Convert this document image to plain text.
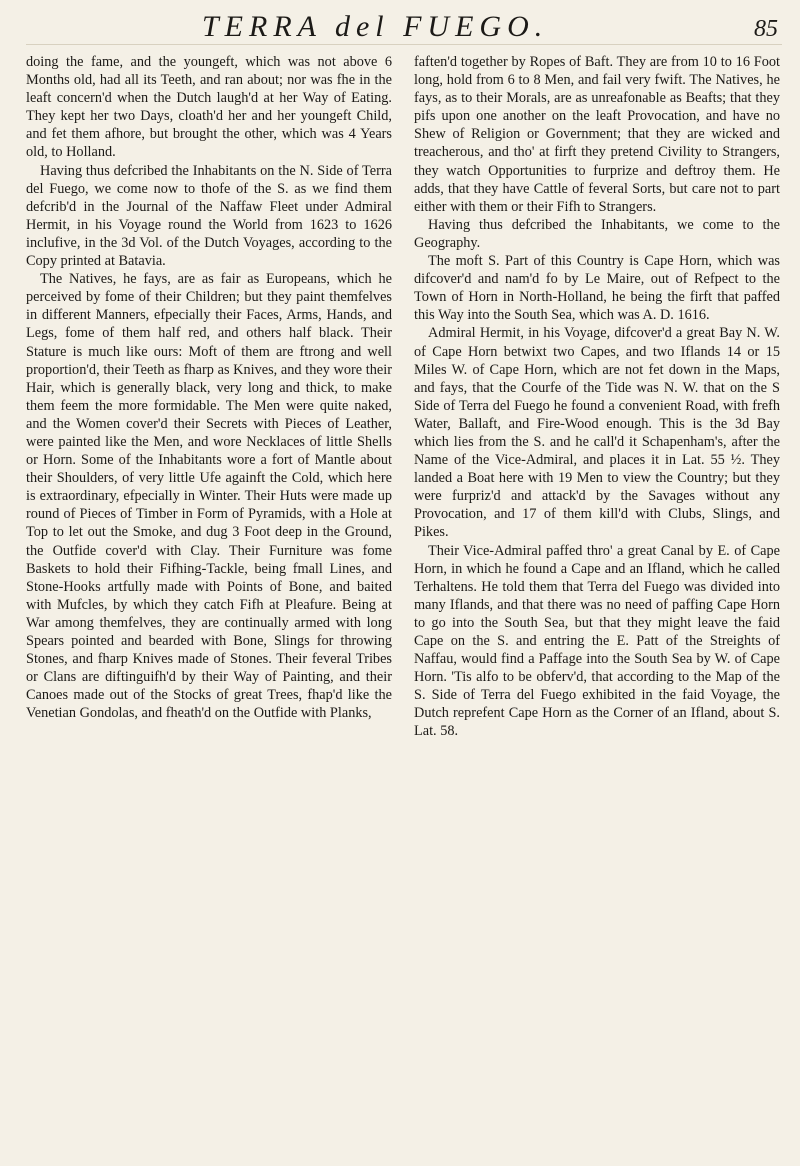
TERRA del FUEGO.	85

doing the fame, and the youngeft, which was not above 6 Months old, had all its Teeth, and ran about; nor was fhe in the leaft concern'd when the Dutch laugh'd at her Way of Eating. They kept her two Days, cloath'd her and her youngeft Child, and fet them afhore, but brought the other, which was 4 Years old, to Holland.

Having thus defcribed the Inhabitants on the N. Side of Terra del Fuego, we come now to thofe of the S. as we find them defcrib'd in the Journal of the Naffaw Fleet under Admiral Hermit, in his Voyage round the World from 1623 to 1626 inclufive, in the 3d Vol. of the Dutch Voyages, according to the Copy printed at Batavia.

The Natives, he fays, are as fair as Europeans, which he perceived by fome of their Children; but they paint themfelves in different Manners, efpecially their Faces, Arms, Hands, and Legs, fome of them half red, and others half black. Their Stature is much like ours: Moft of them are ftrong and well proportion'd, their Teeth as fharp as Knives, and they wore their Hair, which is generally black, very long and thick, to make them feem the more formidable. The Men were quite naked, and the Women cover'd their Secrets with Pieces of Leather, were painted like the Men, and wore Necklaces of little Shells or Horn. Some of the Inhabitants wore a fort of Mantle about their Shoulders, of very little Ufe againft the Cold, which here is extraordinary, efpecially in Winter. Their Huts were made up round of Pieces of Timber in Form of Pyramids, with a Hole at Top to let out the Smoke, and dug 3 Foot deep in the Ground, the Outfide cover'd with Clay. Their Furniture was fome Baskets to hold their Fifhing-Tackle, being fmall Lines, and Stone-Hooks artfully made with Points of Bone, and baited with Mufcles, by which they catch Fifh at Pleafure. Being at War among themfelves, they are continually armed with long Spears pointed and bearded with Bone, Slings for throwing Stones, and fharp Knives made of Stones. Their feveral Tribes or Clans are diftinguifh'd by their Way of Painting, and their Canoes made out of the Stocks of great Trees, fhap'd like the Venetian Gondolas, and fheath'd on the Outfide with Planks,

faften'd together by Ropes of Baft. They are from 10 to 16 Foot long, hold from 6 to 8 Men, and fail very fwift. The Natives, he fays, as to their Morals, are as unreafonable as Beafts; that they pifs upon one another on the leaft Provocation, and have no Shew of Religion or Government; that they are wicked and treacherous, and tho' at firft they pretend Civility to Strangers, they watch Opportunities to furprize and deftroy them. He adds, that they have Cattle of feveral Sorts, but care not to part either with them or their Fifh to Strangers.

Having thus defcribed the Inhabitants, we come to the Geography.

The moft S. Part of this Country is Cape Horn, which was difcover'd and nam'd fo by Le Maire, out of Refpect to the Town of Horn in North-Holland, he being the firft that paffed this Way into the South Sea, which was A. D. 1616.

Admiral Hermit, in his Voyage, difcover'd a great Bay N. W. of Cape Horn betwixt two Capes, and two Iflands 14 or 15 Miles W. of Cape Horn, which are not fet down in the Maps, and fays, that the Courfe of the Tide was N. W. that on the S Side of Terra del Fuego he found a convenient Road, with frefh Water, Ballaft, and Fire-Wood enough. This is the 3d Bay which lies from the S. and he call'd it Schapenham's, after the Name of the Vice-Admiral, and places it in Lat. 55 ½. They landed a Boat here with 19 Men to view the Country; but they were furpriz'd and attack'd by the Savages without any Provocation, and 17 of them kill'd with Clubs, Slings, and Pikes.

Their Vice-Admiral paffed thro' a great Canal by E. of Cape Horn, in which he found a Cape and an Ifland, which he called Terhaltens. He told them that Terra del Fuego was divided into many Iflands, and that there was no need of paffing Cape Horn to go into the South Sea, but that they might leave the faid Cape on the S. and entring the E. Patt of the Streights of Naffau, would find a Paffage into the South Sea by W. of Cape Horn. 'Tis alfo to be obferv'd, that according to the Map of the S. Side of Terra del Fuego exhibited in the faid Voyage, the Dutch reprefent Cape Horn as the Corner of an Ifland, about S. Lat. 58.
